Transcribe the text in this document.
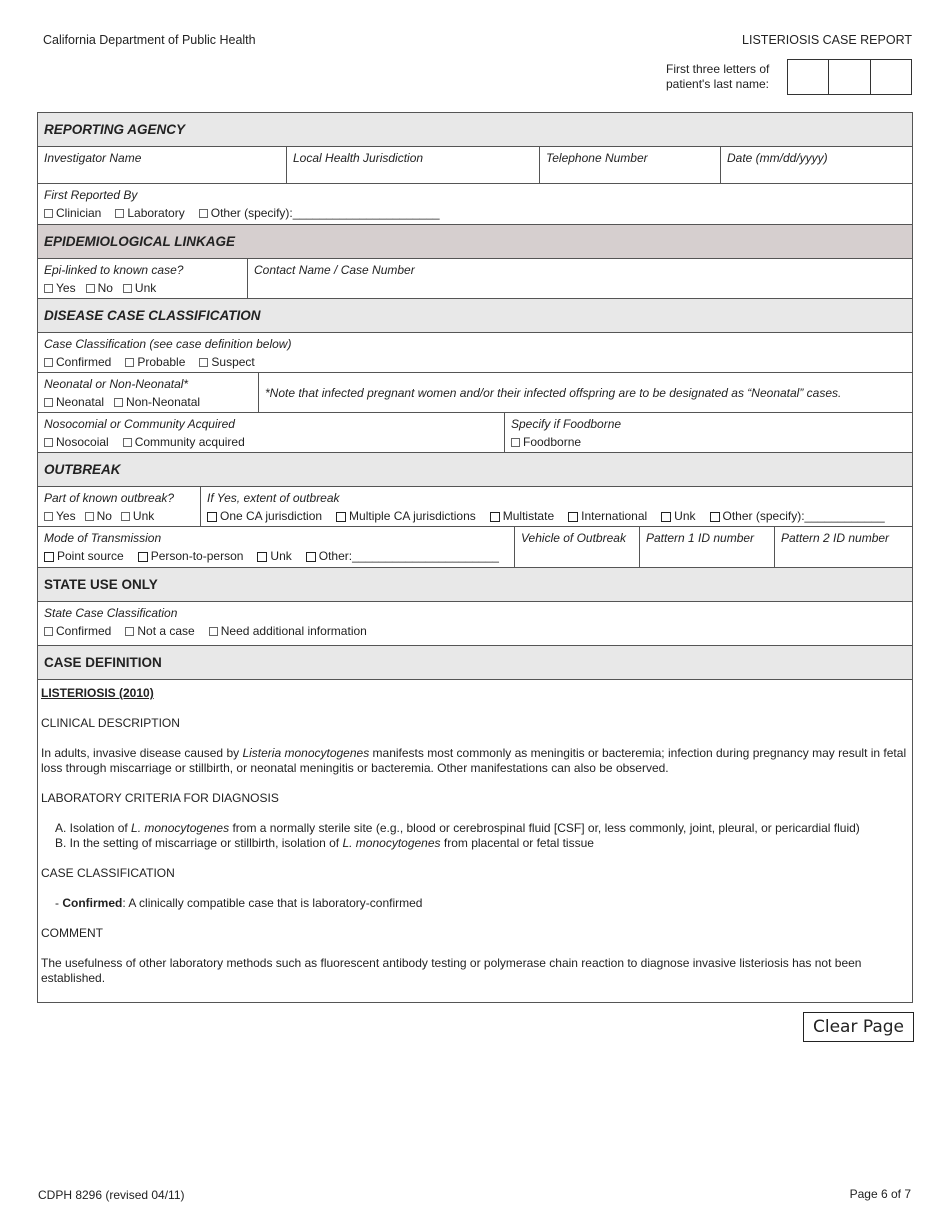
California Department of Public Health	LISTERIOSIS CASE REPORT
First three letters of
patient's last name:
REPORTING AGENCY
Investigator Name	Local Health Jurisdiction	Telephone Number	Date (mm/dd/yyyy)
First Reported By
Clinician Laboratory Other (specify):______________________
EPIDEMIOLOGICAL LINKAGE
Epi-linked to known case?
Yes No Unk
Contact Name / Case Number
DISEASE CASE CLASSIFICATION
Case Classification (see case definition below)
Confirmed Probable Suspect
Neonatal or Non-Neonatal*
Neonatal Non-Neonatal
*Note that infected pregnant women and/or their infected offspring are to be designated as “Neonatal” cases.
Nosocomial or Community Acquired
Nosocoial Community acquired
Specify if Foodborne
Foodborne
OUTBREAK
Part of known outbreak?
Yes No Unk
If Yes, extent of outbreak
One CA jurisdiction Multiple CA jurisdictions Multistate International Unk Other (specify):____________
Mode of Transmission
Point source Person-to-person Unk Other:______________________
Vehicle of Outbreak	Pattern 1 ID number	Pattern 2 ID number
STATE USE ONLY
State Case Classification
Confirmed Not a case Need additional information
CASE DEFINITION

LISTERIOSIS (2010)

CLINICAL DESCRIPTION

In adults, invasive disease caused by Listeria monocytogenes manifests most commonly as meningitis or bacteremia; infection during pregnancy may result in fetal loss through miscarriage or stillbirth, or neonatal meningitis or bacteremia. Other manifestations can also be observed.

LABORATORY CRITERIA FOR DIAGNOSIS

A. Isolation of L. monocytogenes from a normally sterile site (e.g., blood or cerebrospinal fluid [CSF] or, less commonly, joint, pleural, or pericardial fluid)
B. In the setting of miscarriage or stillbirth, isolation of L. monocytogenes from placental or fetal tissue

CASE CLASSIFICATION

- Confirmed: A clinically compatible case that is laboratory-confirmed

COMMENT

The usefulness of other laboratory methods such as fluorescent antibody testing or polymerase chain reaction to diagnose invasive listeriosis has not been established.

Clear Page
CDPH 8296 (revised 04/11)	Page 6 of 7
